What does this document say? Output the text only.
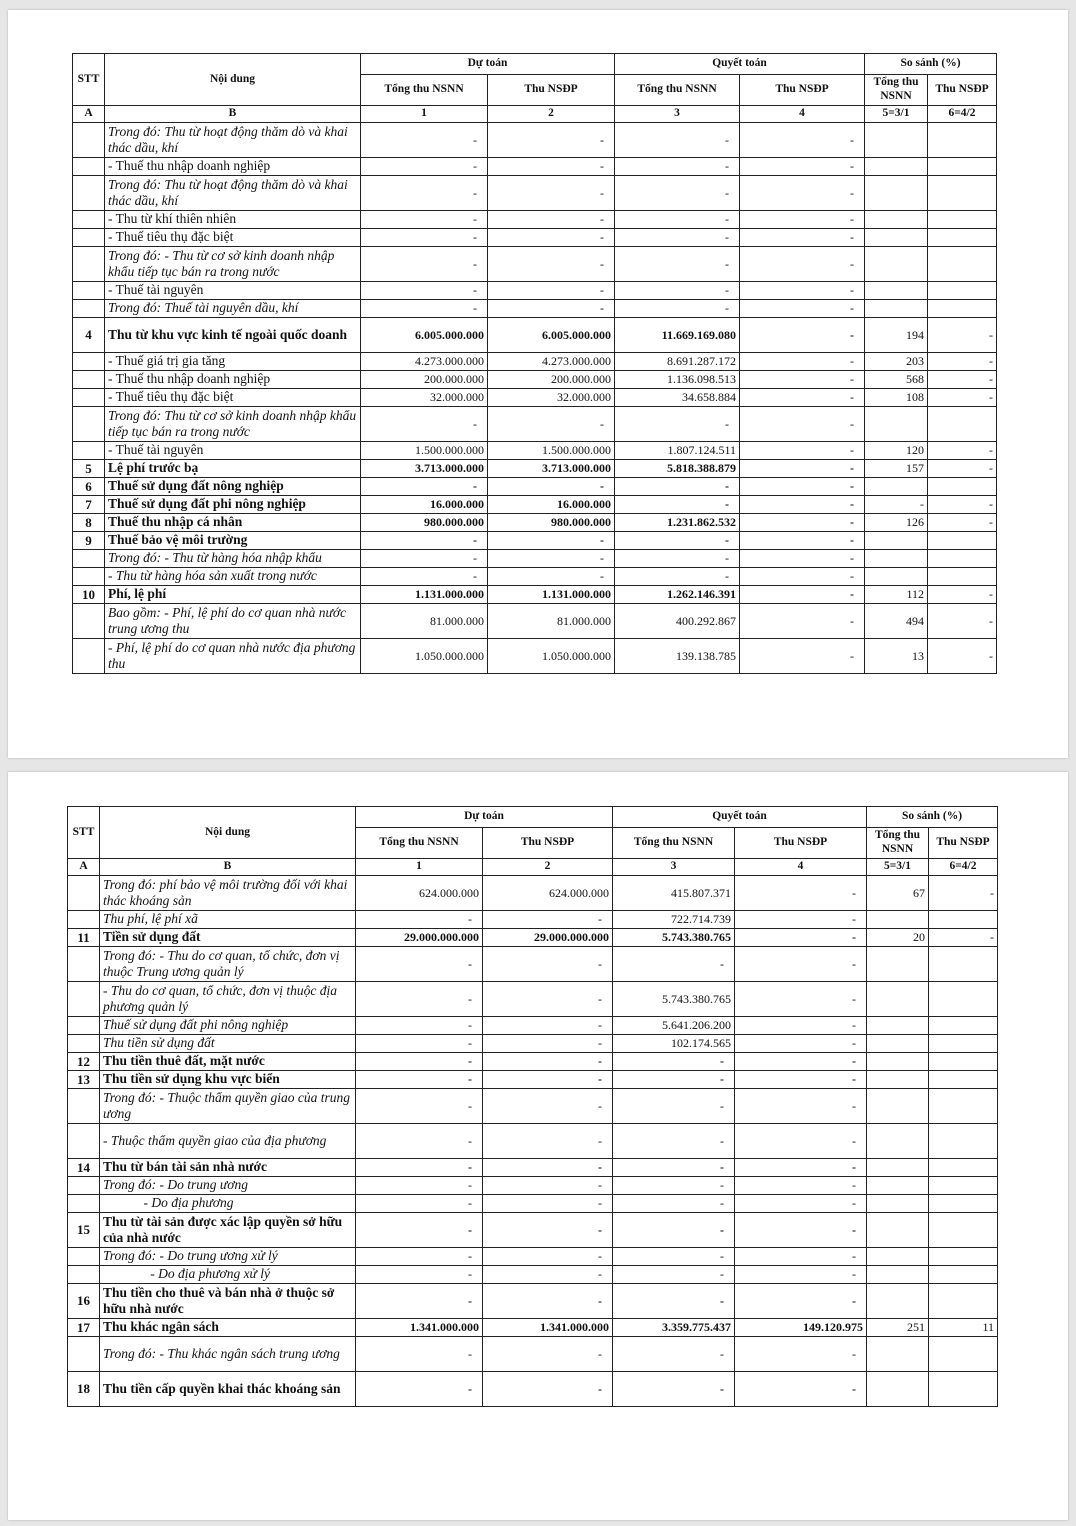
STT	Nội dung	Dự toán		Quyết toán		So sánh (%)	
		Tổng thu NSNN	Thu NSĐP	Tổng thu NSNN	Thu NSĐP	Tổng thu NSNN	Thu NSĐP
A	B	1	2	3	4	5=3/1	6=4/2
	Trong đó: Thu từ hoạt động thăm dò và khai thác dầu, khí	-	-	-	-		
	- Thuế thu nhập doanh nghiệp	-	-	-	-		
	Trong đó: Thu từ hoạt động thăm dò và khai thác dầu, khí	-	-	-	-		
	- Thu từ khí thiên nhiên	-	-	-	-		
	- Thuế tiêu thụ đặc biệt	-	-	-	-		
	Trong đó: - Thu từ cơ sở kinh doanh nhập khẩu tiếp tục bán ra trong nước	-	-	-	-		
	- Thuế tài nguyên	-	-	-	-		
	Trong đó: Thuế tài nguyên dầu, khí	-	-	-	-		
4	Thu từ khu vực kinh tế ngoài quốc doanh	6.005.000.000	6.005.000.000	11.669.169.080	-	194	-
	- Thuế giá trị gia tăng	4.273.000.000	4.273.000.000	8.691.287.172	-	203	-
	- Thuế thu nhập doanh nghiệp	200.000.000	200.000.000	1.136.098.513	-	568	-
	- Thuế tiêu thụ đặc biệt	32.000.000	32.000.000	34.658.884	-	108	-
	Trong đó: Thu từ cơ sở kinh doanh nhập khẩu tiếp tục bán ra trong nước	-	-	-	-		
	- Thuế tài nguyên	1.500.000.000	1.500.000.000	1.807.124.511	-	120	-
5	Lệ phí trước bạ	3.713.000.000	3.713.000.000	5.818.388.879	-	157	-
6	Thuế sử dụng đất nông nghiệp	-	-	-	-		
7	Thuế sử dụng đất phi nông nghiệp	16.000.000	16.000.000	-	-	-	-
8	Thuế thu nhập cá nhân	980.000.000	980.000.000	1.231.862.532	-	126	-
9	Thuế bảo vệ môi trường	-	-	-	-		
	Trong đó: - Thu từ hàng hóa nhập khẩu	-	-	-	-		
	- Thu từ hàng hóa sản xuất trong nước	-	-	-	-		
10	Phí, lệ phí	1.131.000.000	1.131.000.000	1.262.146.391	-	112	-
	Bao gồm: - Phí, lệ phí do cơ quan nhà nước trung ương thu	81.000.000	81.000.000	400.292.867	-	494	-
	- Phí, lệ phí do cơ quan nhà nước địa phương thu	1.050.000.000	1.050.000.000	139.138.785	-	13	-
STT	Nội dung	Dự toán		Quyết toán		So sánh (%)	
		Tổng thu NSNN	Thu NSĐP	Tổng thu NSNN	Thu NSĐP	Tổng thu NSNN	Thu NSĐP
A	B	1	2	3	4	5=3/1	6=4/2
	Trong đó: phí bảo vệ môi trường đối với khai thác khoáng sản	624.000.000	624.000.000	415.807.371	-	67	-
	Thu phí, lệ phí xã	-	-	722.714.739	-		
11	Tiền sử dụng đất	29.000.000.000	29.000.000.000	5.743.380.765	-	20	-
	Trong đó: - Thu do cơ quan, tổ chức, đơn vị thuộc Trung ương quản lý	-	-	-	-		
	- Thu do cơ quan, tổ chức, đơn vị thuộc địa phương quản lý	-	-	5.743.380.765	-		
	Thuế sử dụng đất phi nông nghiệp	-	-	5.641.206.200	-		
	Thu tiền sử dụng đất	-	-	102.174.565	-		
12	Thu tiền thuê đất, mặt nước	-	-	-	-		
13	Thu tiền sử dụng khu vực biển	-	-	-	-		
	Trong đó: - Thuộc thẩm quyền giao của trung ương	-	-	-	-		
	- Thuộc thẩm quyền giao của địa phương	-	-	-	-		
14	Thu từ bán tài sản nhà nước	-	-	-	-		
	Trong đó: - Do trung ương	-	-	-	-		
	- Do địa phương	-	-	-	-		
15	Thu từ tài sản được xác lập quyền sở hữu của nhà nước	-	-	-	-		
	Trong đó: - Do trung ương xử lý	-	-	-	-		
	- Do địa phương xử lý	-	-	-	-		
16	Thu tiền cho thuê và bán nhà ở thuộc sở hữu nhà nước	-	-	-	-		
17	Thu khác ngân sách	1.341.000.000	1.341.000.000	3.359.775.437	149.120.975	251	11
	Trong đó: - Thu khác ngân sách trung ương	-	-	-	-		
18	Thu tiền cấp quyền khai thác khoáng sản	-	-	-	-		
